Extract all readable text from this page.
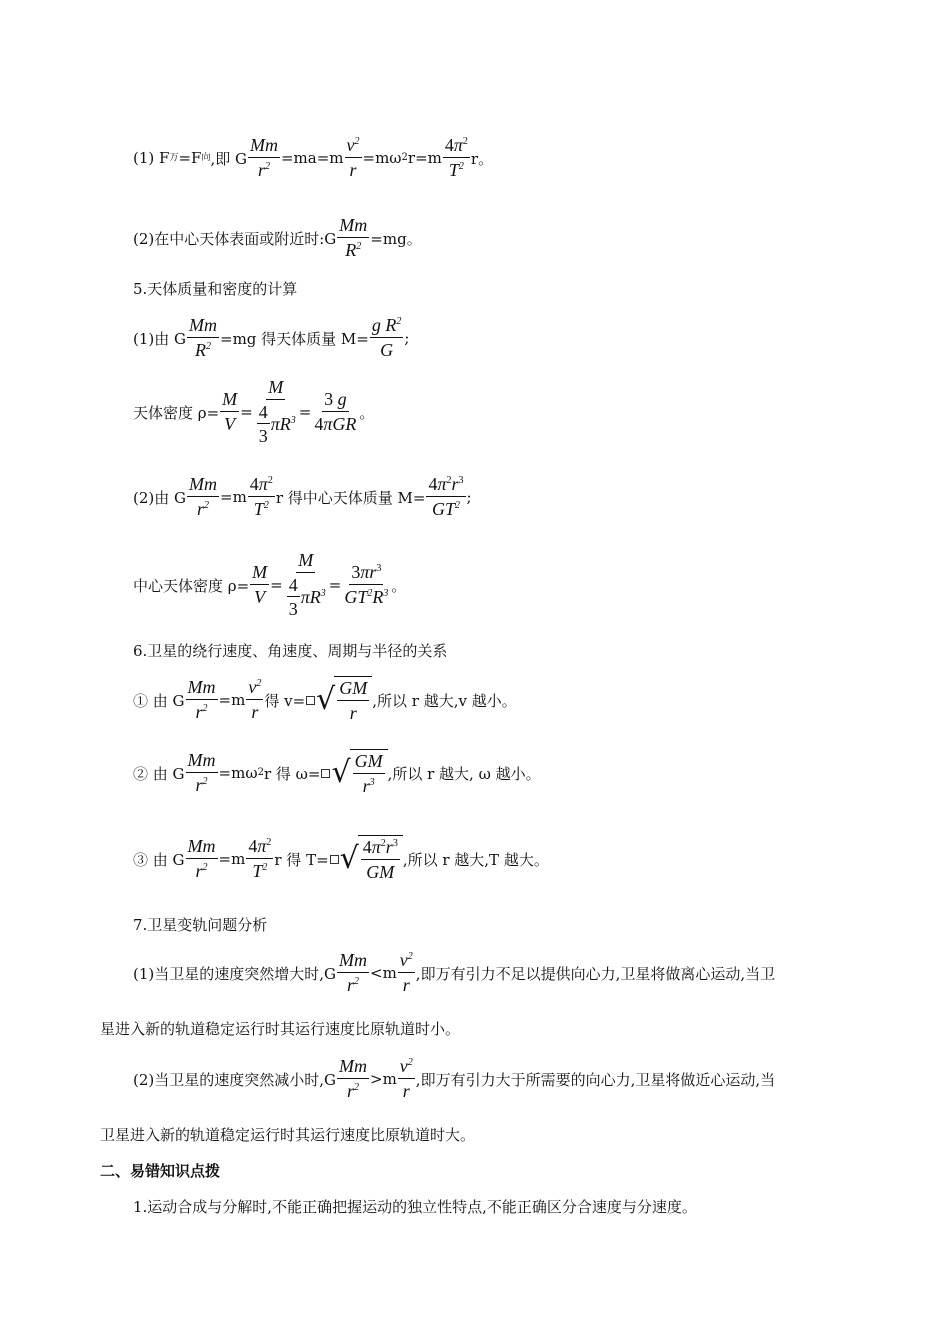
(1) F 万 =F 向 ,即 G $\frac{Mm}{r^2} =ma=m \frac{v^2}{r} =m\omega$ 2 $r=m \frac{4\pi^2}{T^2}$ r。
(2)在中心天体表面或附近时:G $\frac{Mm}{R^2} =mg$。
5.天体质量和密度的计算
(1)由 G $\frac{Mm}{R^2} =mg$ 得天体质量 $M= \frac{g R^2}{G}$ ;
天体密度 $\rho= \frac{M}{V} = \frac{M}{\frac{4}{3} \pi R^3} = \frac{3 g}{\text{4πGR}}$ 。
(2)由 G $\frac{Mm}{r^2} =m \frac{4\pi^2}{T^2}$ r 得中心天体质量 $M= \frac{4\pi^2r^3}{GT^2}$ ;
中心天体密度 $\rho= \frac{M}{V} = \frac{M}{\frac{4}{3} \pi R^3} = \frac{3\pi r^3}{GT^2R^3}$ 。
6.卫星的绕行速度、角速度、周期与半径的关系
① 由 G $\frac{Mm}{r^2} =m \frac{v^2}{r}$ 得 v= √ $\frac{GM}{r}$ ,所以 r 越大,v 越小。
② 由 G $\frac{Mm}{r^2} =m\omega$ 2 r 得 ω= √ $\frac{GM}{r^3}$ ,所以 r 越大, ω 越小。
③ 由 G $\frac{Mm}{r^2} =m \frac{4\pi^2}{T^2}$ r 得 T= √ $\frac{4\pi^2r^3}{GM}$ ,所以 r 越大,T 越大。
7.卫星变轨问题分析
(1)当卫星的速度突然增大时$,G \frac{Mm}{r^2} <m \frac{v^2}{r}$ ,即万有引力不足以提供向心力,卫星将做离心运动,当卫
星进入新的轨道稳定运行时其运行速度比原轨道时小。
(2)当卫星的速度突然减小时$,G \frac{Mm}{r^2} >m \frac{v^2}{r}$ ,即万有引力大于所需要的向心力,卫星将做近心运动,当
卫星进入新的轨道稳定运行时其运行速度比原轨道时大。
二、易错知识点拨
1.运动合成与分解时,不能正确把握运动的独立性特点,不能正确区分合速度与分速度。
